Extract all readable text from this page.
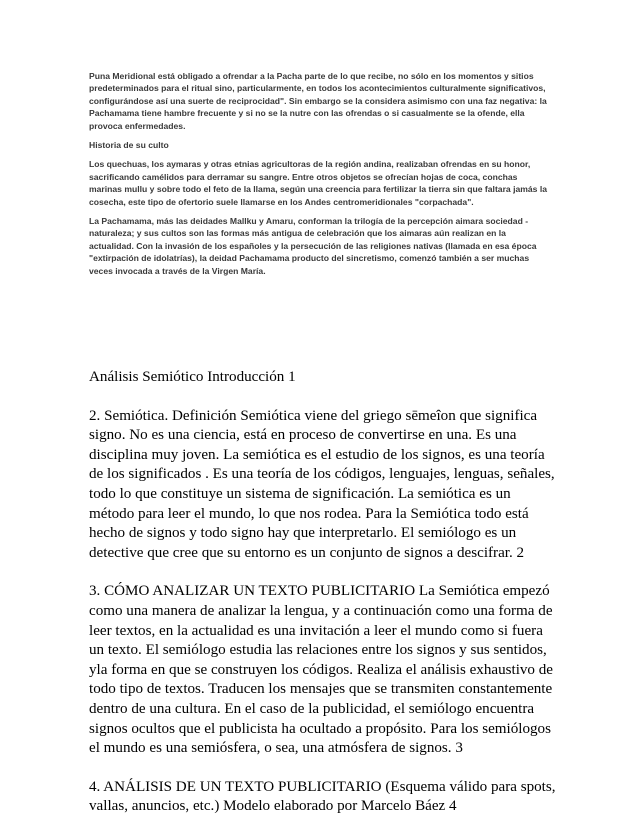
Puna Meridional está obligado a ofrendar a la Pacha parte de lo que recibe, no sólo en los momentos y sitios predeterminados para el ritual sino, particularmente, en todos los acontecimientos culturalmente significativos, configurándose así una suerte de reciprocidad". Sin embargo se la considera asimismo con una faz negativa: la Pachamama tiene hambre frecuente y si no se la nutre con las ofrendas o si casualmente se la ofende, ella provoca enfermedades.

Historia de su culto

Los quechuas, los aymaras y otras etnias agricultoras de la región andina, realizaban ofrendas en su honor, sacrificando camélidos para derramar su sangre. Entre otros objetos se ofrecían hojas de coca, conchas marinas mullu y sobre todo el feto de la llama, según una creencia para fertilizar la tierra sin que faltara jamás la cosecha, este tipo de ofertorio suele llamarse en los Andes centromeridionales "corpachada".

La Pachamama, más las deidades Mallku y Amaru, conforman la trilogía de la percepción aimara sociedad - naturaleza; y sus cultos son las formas más antigua de celebración que los aimaras aún realizan en la actualidad. Con la invasión de los españoles y la persecución de las religiones nativas (llamada en esa época "extirpación de idolatrías), la deidad Pachamama producto del sincretismo, comenzó también a ser muchas veces invocada a través de la Virgen María.

Análisis Semiótico Introducción 1

2. Semiótica. Definición Semiótica viene del griego sēmeîon que significa signo. No es una ciencia, está en proceso de convertirse en una. Es una disciplina muy joven. La semiótica es el estudio de los signos, es una teoría de los significados . Es una teoría de los códigos, lenguajes, lenguas, señales, todo lo que constituye un sistema de significación. La semiótica es un método para leer el mundo, lo que nos rodea. Para la Semiótica todo está hecho de signos y todo signo hay que interpretarlo. El semiólogo es un detective que cree que su entorno es un conjunto de signos a descifrar. 2

3. CÓMO ANALIZAR UN TEXTO PUBLICITARIO La Semiótica empezó como una manera de analizar la lengua, y a continuación como una forma de leer textos, en la actualidad es una invitación a leer el mundo como si fuera un texto. El semiólogo estudia las relaciones entre los signos y sus sentidos, yla forma en que se construyen los códigos. Realiza el análisis exhaustivo de todo tipo de textos. Traducen los mensajes que se transmiten constantemente dentro de una cultura. En el caso de la publicidad, el semiólogo encuentra signos ocultos que el publicista ha ocultado a propósito. Para los semiólogos el mundo es una semiósfera, o sea, una atmósfera de signos. 3

4. ANÁLISIS DE UN TEXTO PUBLICITARIO (Esquema válido para spots, vallas, anuncios, etc.) Modelo elaborado por Marcelo Báez 4
